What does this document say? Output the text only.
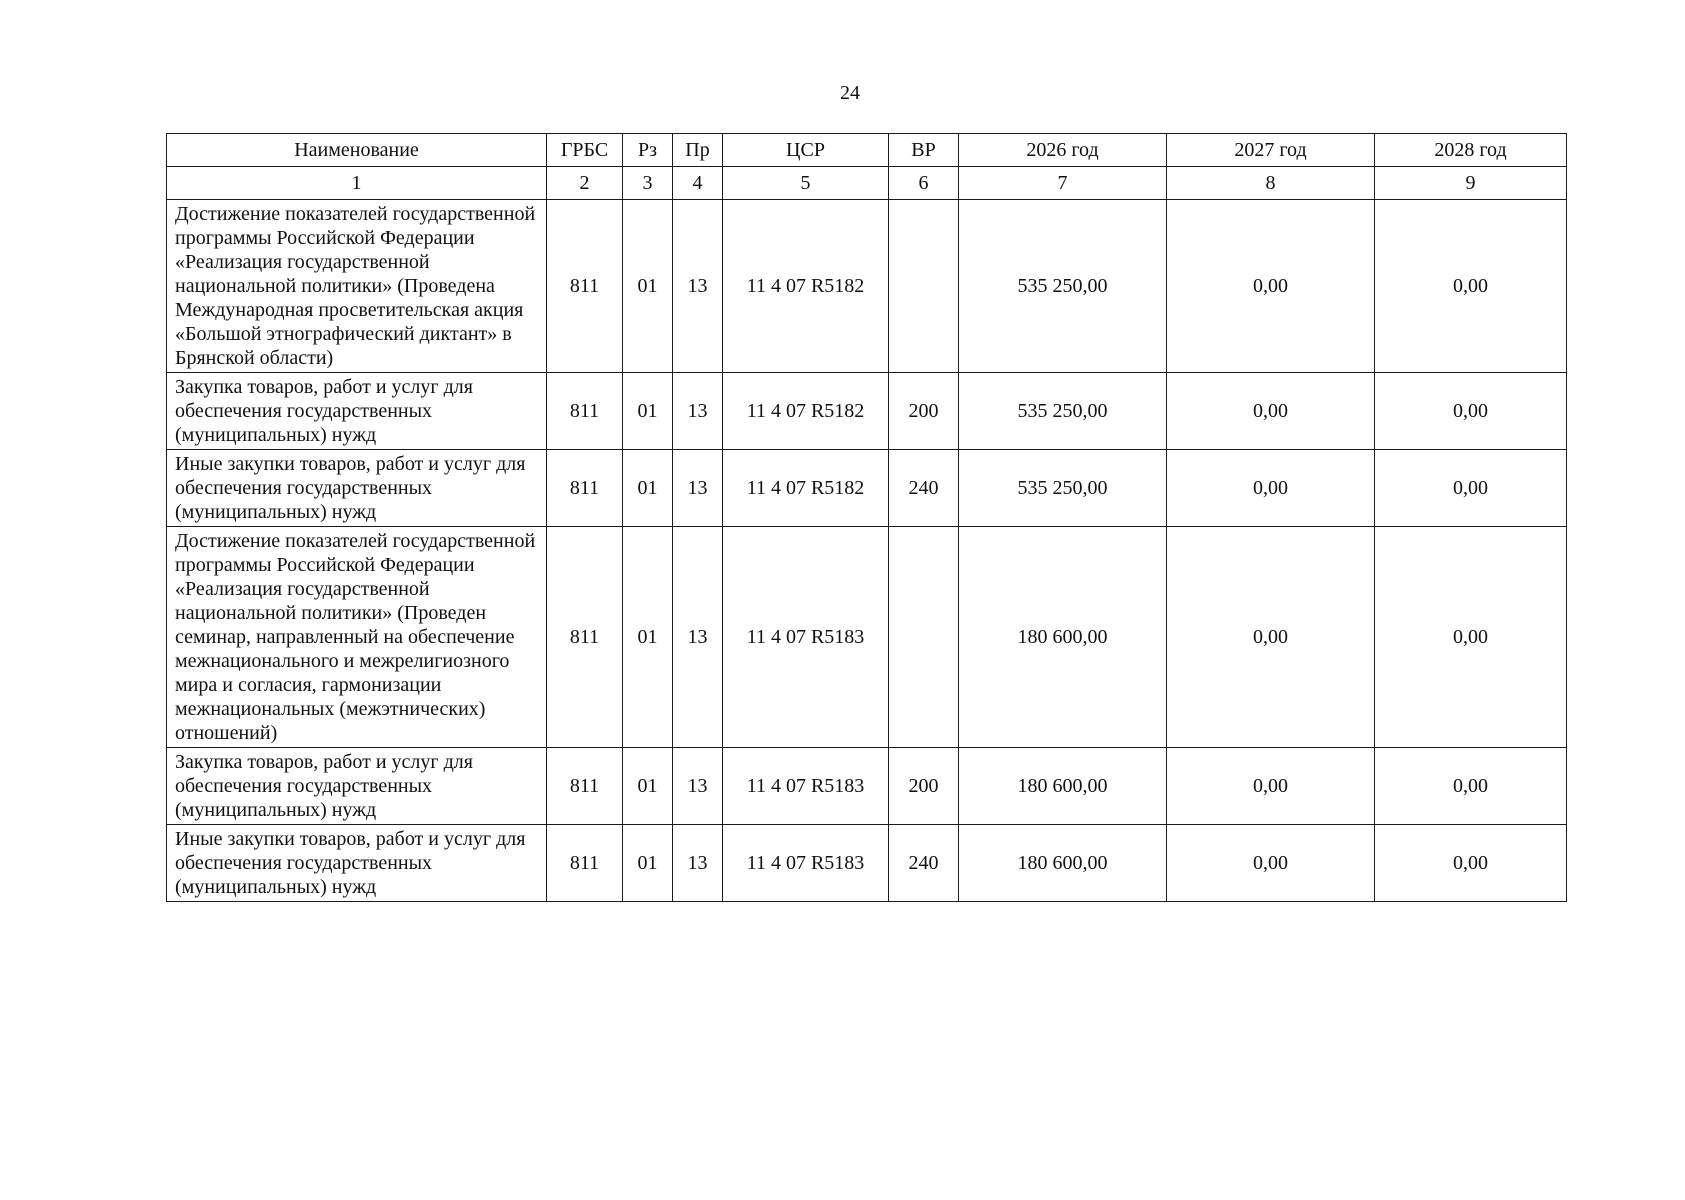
24
Наименование	ГРБС	Рз	Пр	ЦСР	ВР	2026 год	2027 год	2028 год
1	2	3	4	5	6	7	8	9
Достижение показателей государственной программы Российской Федерации «Реализация государственной национальной политики» (Проведена Международная просветительская акция «Большой этнографический диктант» в Брянской области)	811	01	13	11 4 07 R5182		535 250,00	0,00	0,00
Закупка товаров, работ и услуг для обеспечения государственных (муниципальных) нужд	811	01	13	11 4 07 R5182	200	535 250,00	0,00	0,00
Иные закупки товаров, работ и услуг для обеспечения государственных (муниципальных) нужд	811	01	13	11 4 07 R5182	240	535 250,00	0,00	0,00
Достижение показателей государственной программы Российской Федерации «Реализация государственной национальной политики» (Проведен семинар, направленный на обеспечение межнационального и межрелигиозного мира и согласия, гармонизации межнациональных (межэтнических) отношений)	811	01	13	11 4 07 R5183		180 600,00	0,00	0,00
Закупка товаров, работ и услуг для обеспечения государственных (муниципальных) нужд	811	01	13	11 4 07 R5183	200	180 600,00	0,00	0,00
Иные закупки товаров, работ и услуг для обеспечения государственных (муниципальных) нужд	811	01	13	11 4 07 R5183	240	180 600,00	0,00	0,00
